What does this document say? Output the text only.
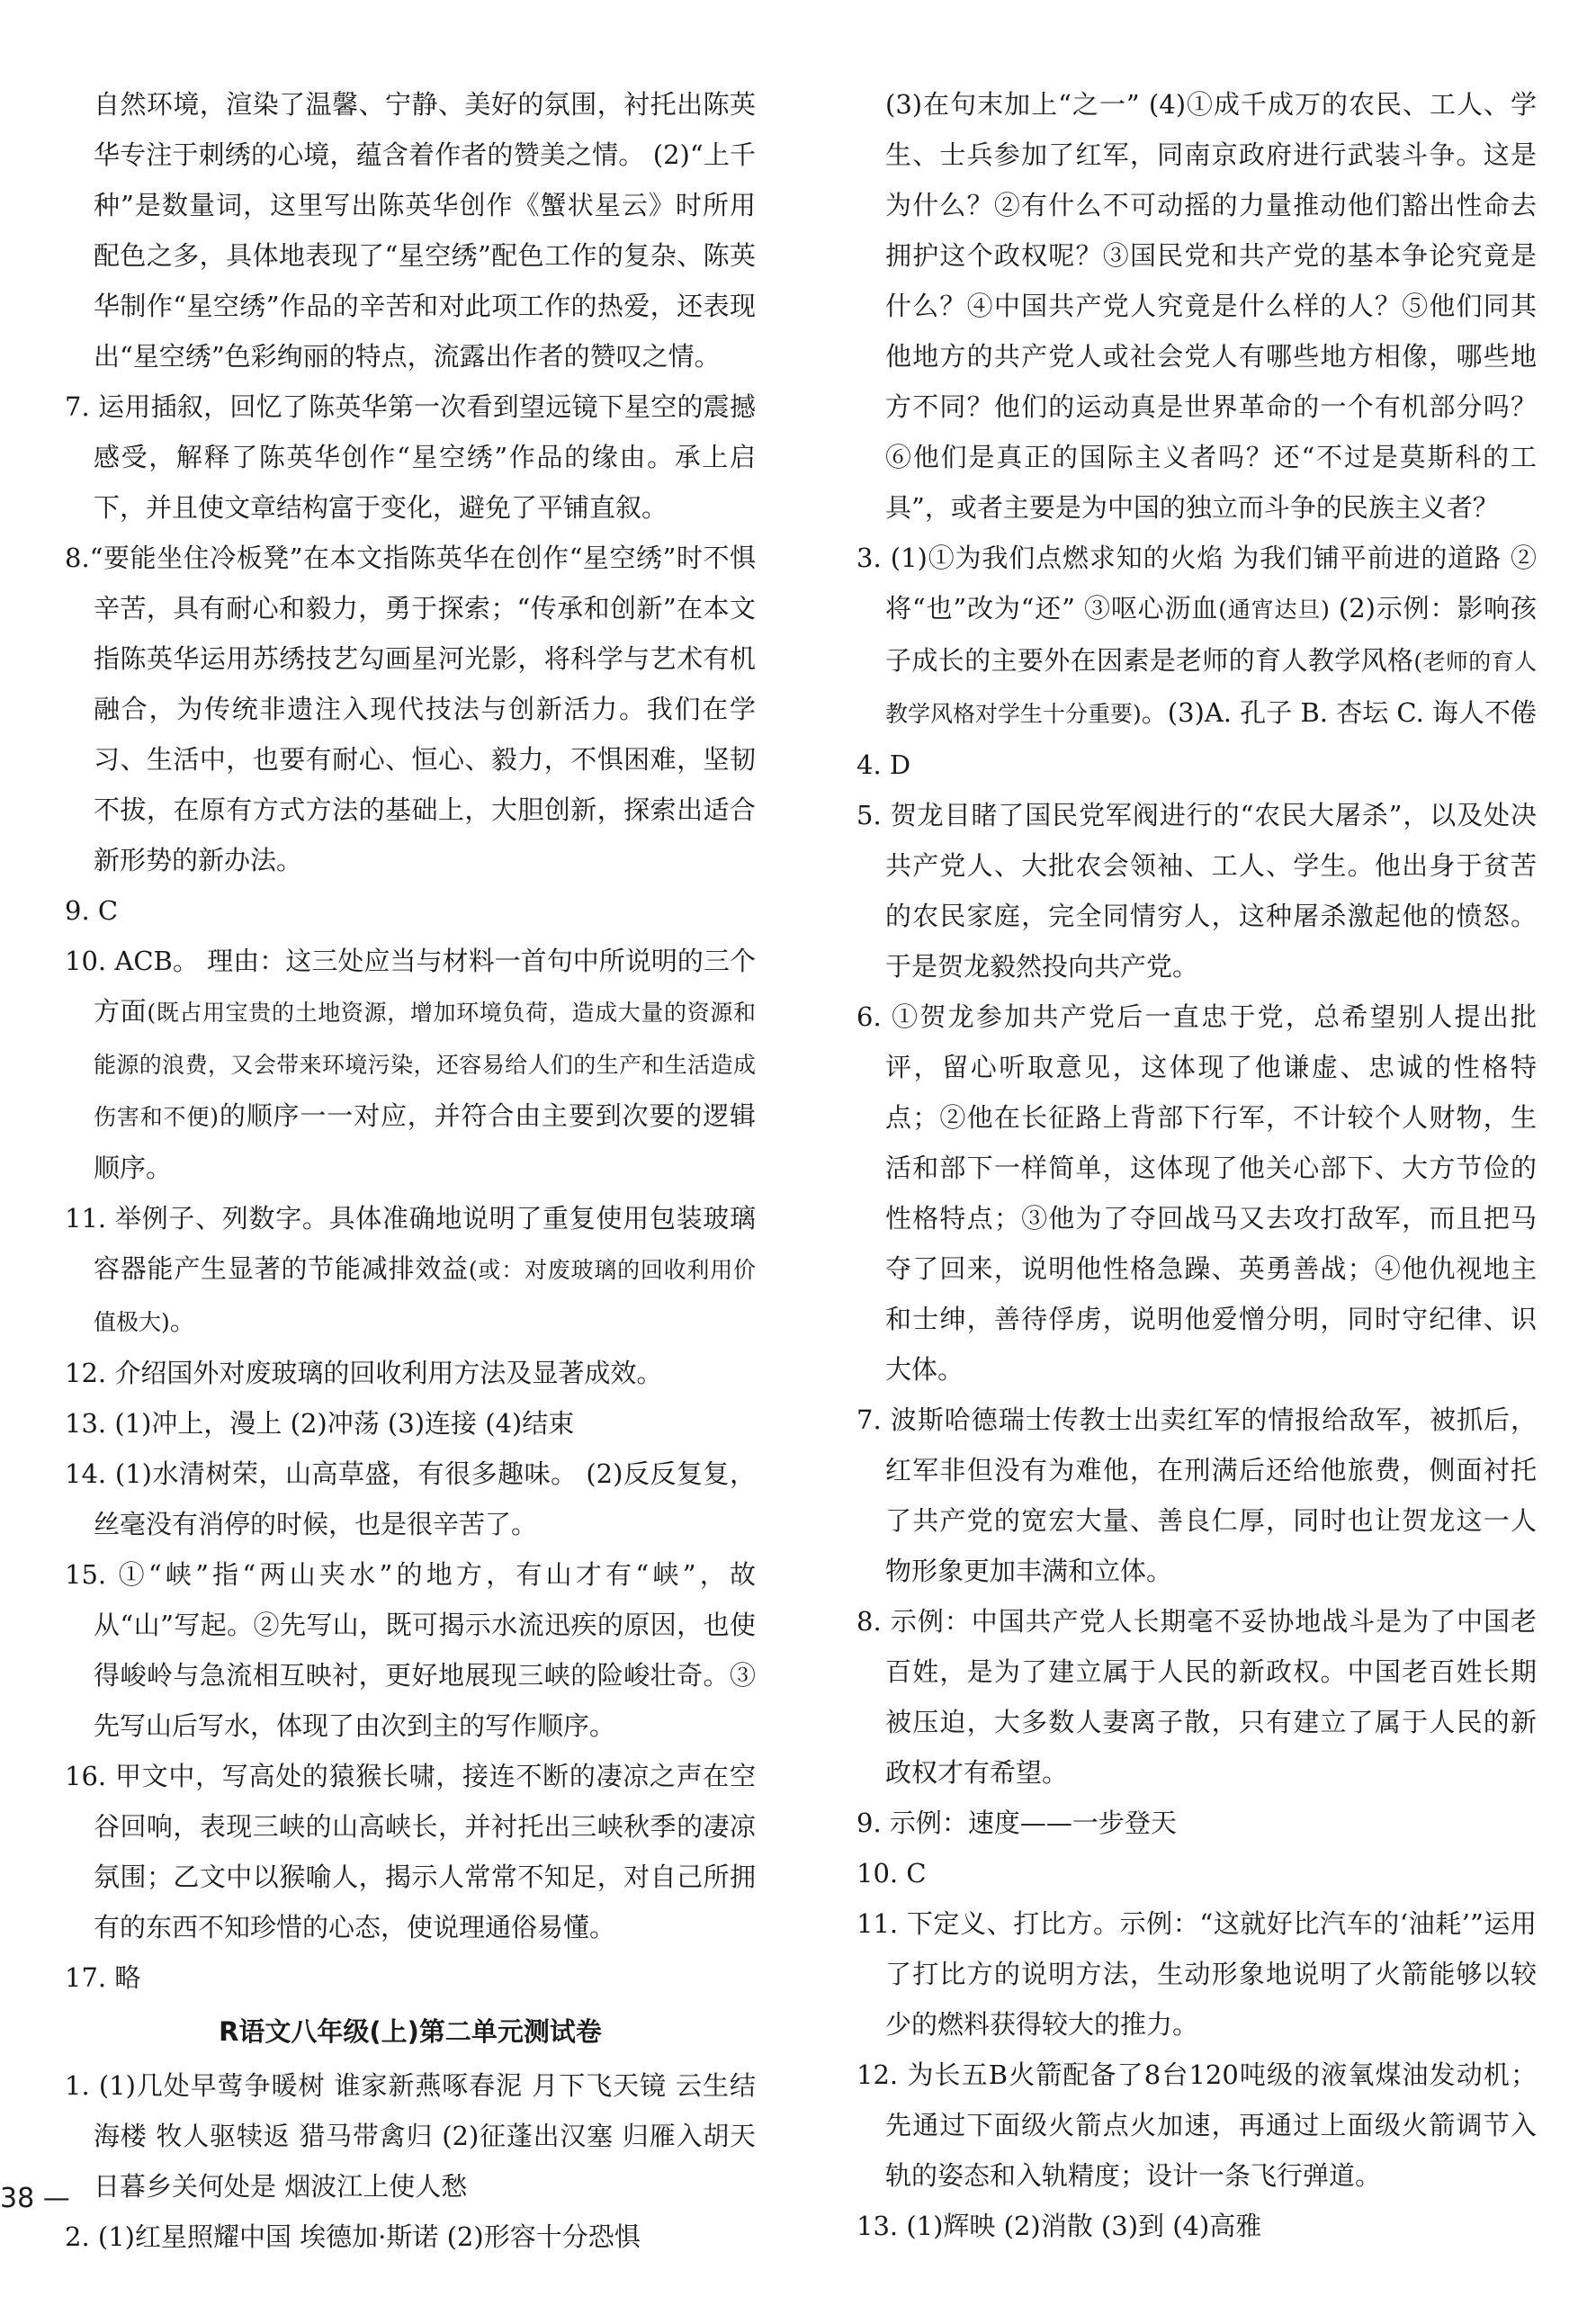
自然环境，渲染了温馨、宁静、美好的氛围，衬托出陈英华专注于刺绣的心境，蕴含着作者的赞美之情。 (2)“上千种”是数量词，这里写出陈英华创作《蟹状星云》时所用配色之多，具体地表现了“星空绣”配色工作的复杂、陈英华制作“星空绣”作品的辛苦和对此项工作的热爱，还表现出“星空绣”色彩绚丽的特点，流露出作者的赞叹之情。

7. 运用插叙，回忆了陈英华第一次看到望远镜下星空的震撼感受，解释了陈英华创作“星空绣”作品的缘由。承上启下，并且使文章结构富于变化，避免了平铺直叙。

8.“要能坐住冷板凳”在本文指陈英华在创作“星空绣”时不惧辛苦，具有耐心和毅力，勇于探索；“传承和创新”在本文指陈英华运用苏绣技艺勾画星河光影，将科学与艺术有机融合，为传统非遗注入现代技法与创新活力。我们在学习、生活中，也要有耐心、恒心、毅力，不惧困难，坚韧不拔，在原有方式方法的基础上，大胆创新，探索出适合新形势的新办法。

9. C

10. ACB。 理由：这三处应当与材料一首句中所说明的三个方面(既占用宝贵的土地资源，增加环境负荷，造成大量的资源和能源的浪费，又会带来环境污染，还容易给人们的生产和生活造成伤害和不便)的顺序一一对应，并符合由主要到次要的逻辑顺序。

11. 举例子、列数字。具体准确地说明了重复使用包装玻璃容器能产生显著的节能减排效益(或：对废玻璃的回收利用价值极大)。

12. 介绍国外对废玻璃的回收利用方法及显著成效。

13. (1)冲上，漫上 (2)冲荡 (3)连接 (4)结束

14. (1)水清树荣，山高草盛，有很多趣味。 (2)反反复复，丝毫没有消停的时候，也是很辛苦了。

15. ①“峡”指“两山夹水”的地方，有山才有“峡”，故从“山”写起。②先写山，既可揭示水流迅疾的原因，也使得峻岭与急流相互映衬，更好地展现三峡的险峻壮奇。③先写山后写水，体现了由次到主的写作顺序。

16. 甲文中，写高处的猿猴长啸，接连不断的凄凉之声在空谷回响，表现三峡的山高峡长，并衬托出三峡秋季的凄凉氛围；乙文中以猴喻人，揭示人常常不知足，对自己所拥有的东西不知珍惜的心态，使说理通俗易懂。

17. 略

R语文八年级(上)第二单元测试卷

1. (1)几处早莺争暖树 谁家新燕啄春泥 月下飞天镜 云生结海楼 牧人驱犊返 猎马带禽归 (2)征蓬出汉塞 归雁入胡天 日暮乡关何处是 烟波江上使人愁

2. (1)红星照耀中国 埃德加·斯诺 (2)形容十分恐惧

(3)在句末加上“之一” (4)①成千成万的农民、工人、学生、士兵参加了红军，同南京政府进行武装斗争。这是为什么？②有什么不可动摇的力量推动他们豁出性命去拥护这个政权呢？③国民党和共产党的基本争论究竟是什么？④中国共产党人究竟是什么样的人？⑤他们同其他地方的共产党人或社会党人有哪些地方相像，哪些地方不同？他们的运动真是世界革命的一个有机部分吗？⑥他们是真正的国际主义者吗？还“不过是莫斯科的工具”，或者主要是为中国的独立而斗争的民族主义者？

3. (1)①为我们点燃求知的火焰 为我们铺平前进的道路 ②将“也”改为“还” ③呕心沥血(通宵达旦) (2)示例：影响孩子成长的主要外在因素是老师的育人教学风格(老师的育人教学风格对学生十分重要)。(3)A. 孔子 B. 杏坛 C. 诲人不倦

4. D

5. 贺龙目睹了国民党军阀进行的“农民大屠杀”，以及处决共产党人、大批农会领袖、工人、学生。他出身于贫苦的农民家庭，完全同情穷人，这种屠杀激起他的愤怒。于是贺龙毅然投向共产党。

6. ①贺龙参加共产党后一直忠于党，总希望别人提出批评，留心听取意见，这体现了他谦虚、忠诚的性格特点；②他在长征路上背部下行军，不计较个人财物，生活和部下一样简单，这体现了他关心部下、大方节俭的性格特点；③他为了夺回战马又去攻打敌军，而且把马夺了回来，说明他性格急躁、英勇善战；④他仇视地主和士绅，善待俘虏，说明他爱憎分明，同时守纪律、识大体。

7. 波斯哈德瑞士传教士出卖红军的情报给敌军，被抓后，红军非但没有为难他，在刑满后还给他旅费，侧面衬托了共产党的宽宏大量、善良仁厚，同时也让贺龙这一人物形象更加丰满和立体。

8. 示例：中国共产党人长期毫不妥协地战斗是为了中国老百姓，是为了建立属于人民的新政权。中国老百姓长期被压迫，大多数人妻离子散，只有建立了属于人民的新政权才有希望。

9. 示例：速度——一步登天

10. C

11. 下定义、打比方。示例：“这就好比汽车的‘油耗’”运用了打比方的说明方法，生动形象地说明了火箭能够以较少的燃料获得较大的推力。

12. 为长五B火箭配备了8台120吨级的液氧煤油发动机；先通过下面级火箭点火加速，再通过上面级火箭调节入轨的姿态和入轨精度；设计一条飞行弹道。

13. (1)辉映 (2)消散 (3)到 (4)高雅

38 —
